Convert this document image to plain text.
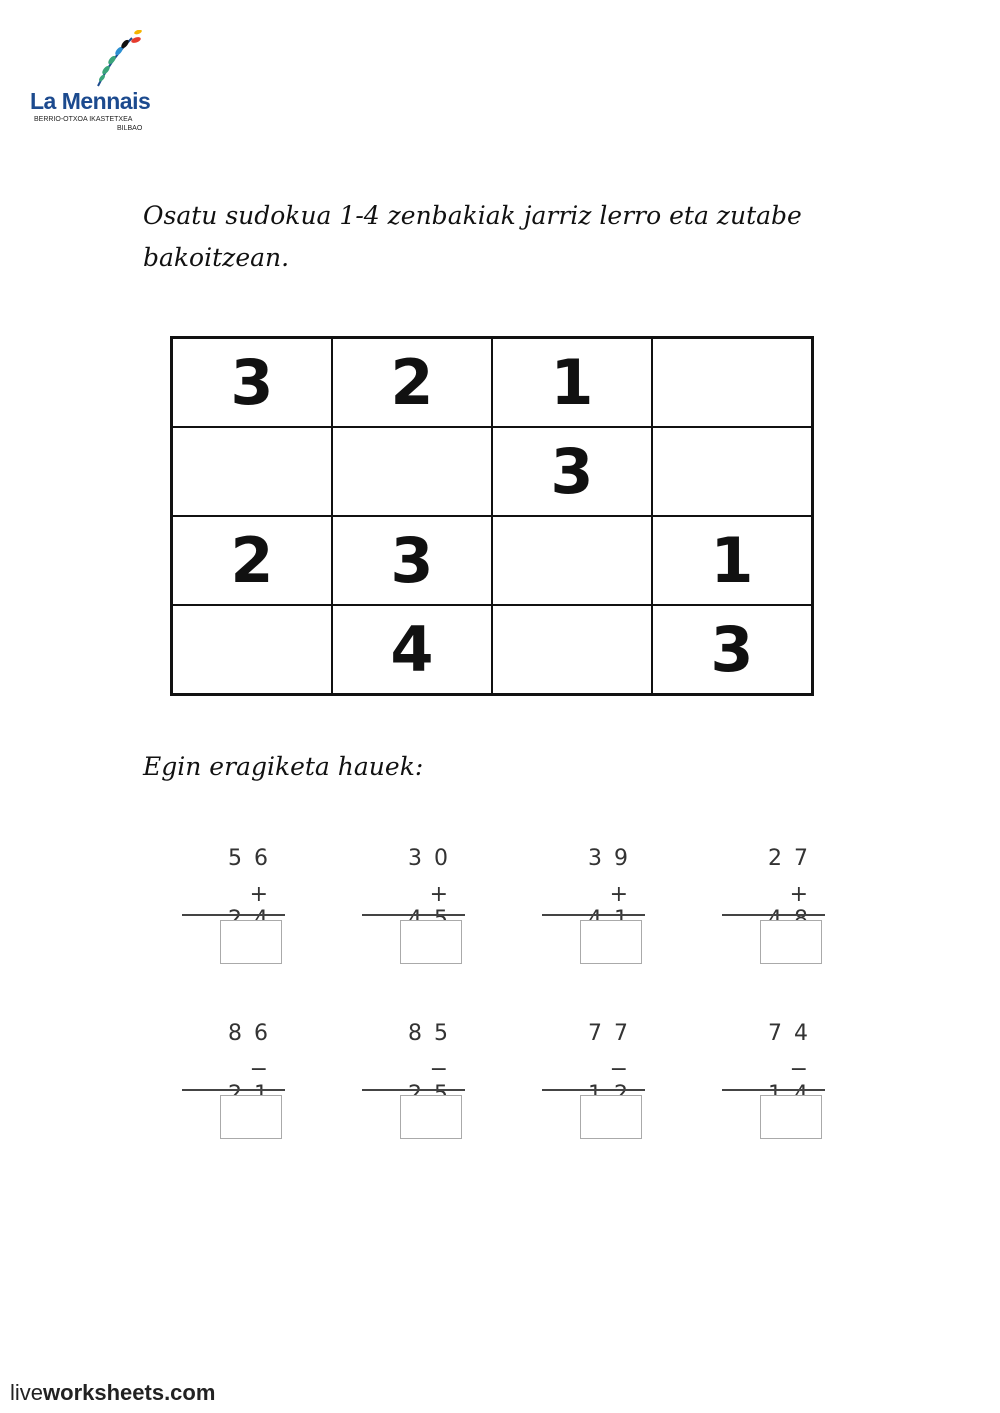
La Mennais
BERRIO-OTXOA IKASTETXEA
BILBAO
Osatu sudokua 1-4 zenbakiak jarriz lerro eta zutabe bakoitzean.
3	2	1	
		3	
2	3		1
	4		3
Egin eragiketa hauek:
56
+
30
+
39
+
27
+
86
−
85
−
77
−
74
−
liveworksheets.com
